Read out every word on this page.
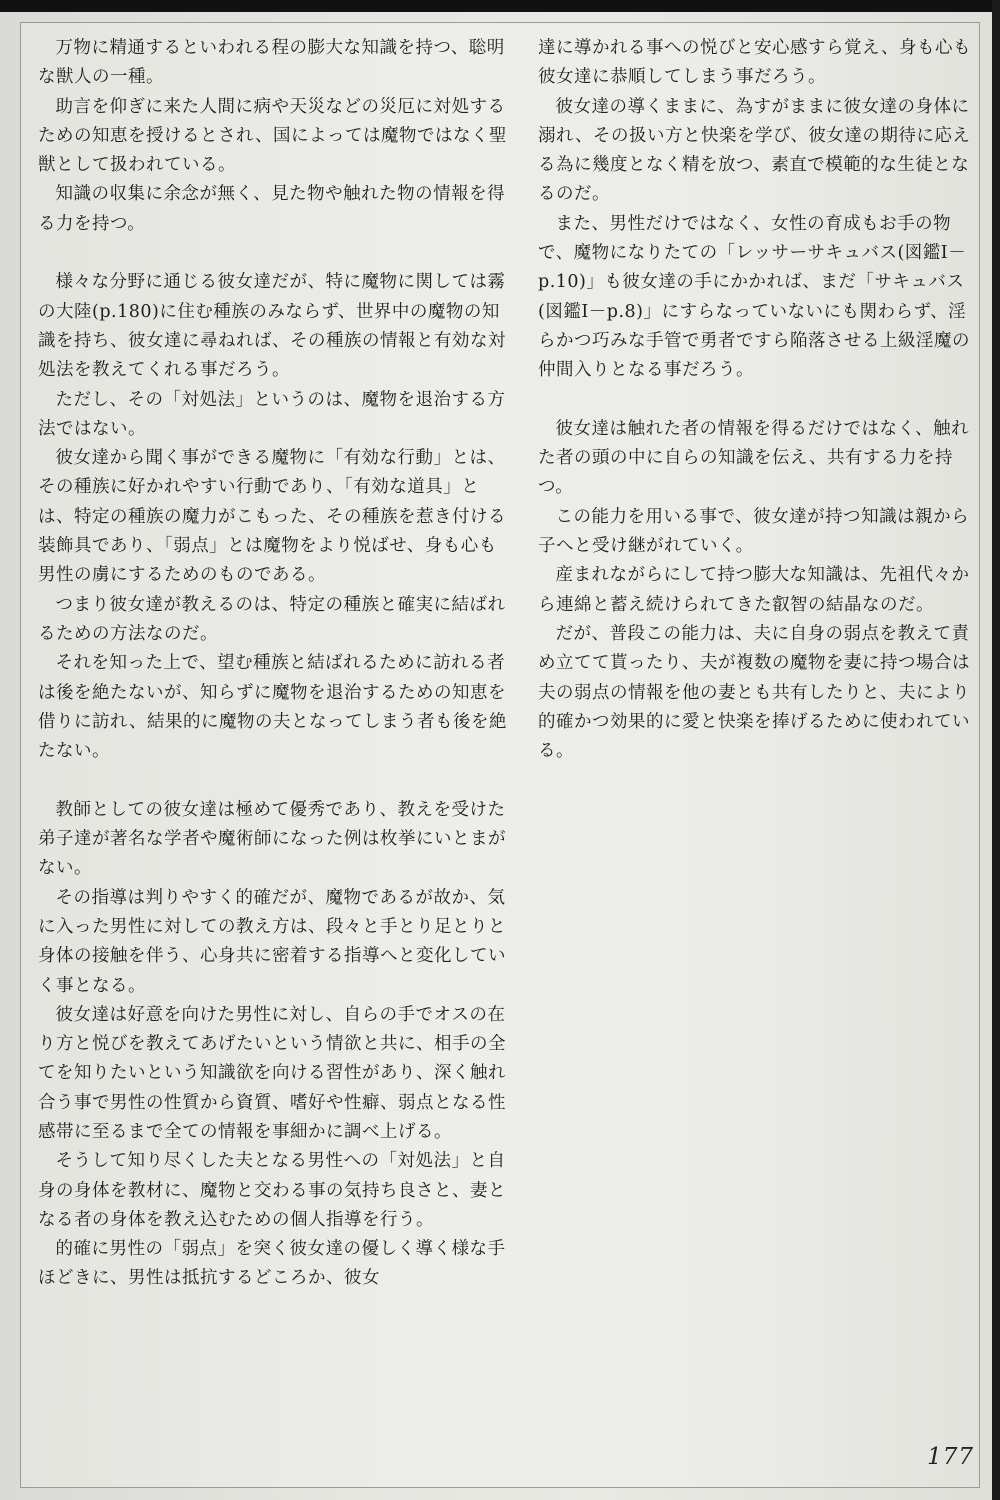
万物に精通するといわれる程の膨大な知識を持つ、聡明な獣人の一種。

助言を仰ぎに来た人間に病や天災などの災厄に対処するための知恵を授けるとされ、国によっては魔物ではなく聖獣として扱われている。

知識の収集に余念が無く、見た物や触れた物の情報を得る力を持つ。

様々な分野に通じる彼女達だが、特に魔物に関しては霧の大陸(p.180)に住む種族のみならず、世界中の魔物の知識を持ち、彼女達に尋ねれば、その種族の情報と有効な対処法を教えてくれる事だろう。

ただし、その「対処法」というのは、魔物を退治する方法ではない。

彼女達から聞く事ができる魔物に「有効な行動」とは、その種族に好かれやすい行動であり、「有効な道具」とは、特定の種族の魔力がこもった、その種族を惹き付ける装飾具であり、「弱点」とは魔物をより悦ばせ、身も心も男性の虜にするためのものである。

つまり彼女達が教えるのは、特定の種族と確実に結ばれるための方法なのだ。

それを知った上で、望む種族と結ばれるために訪れる者は後を絶たないが、知らずに魔物を退治するための知恵を借りに訪れ、結果的に魔物の夫となってしまう者も後を絶たない。

教師としての彼女達は極めて優秀であり、教えを受けた弟子達が著名な学者や魔術師になった例は枚挙にいとまがない。

その指導は判りやすく的確だが、魔物であるが故か、気に入った男性に対しての教え方は、段々と手とり足とりと身体の接触を伴う、心身共に密着する指導へと変化していく事となる。

彼女達は好意を向けた男性に対し、自らの手でオスの在り方と悦びを教えてあげたいという情欲と共に、相手の全てを知りたいという知識欲を向ける習性があり、深く触れ合う事で男性の性質から資質、嗜好や性癖、弱点となる性感帯に至るまで全ての情報を事細かに調べ上げる。

そうして知り尽くした夫となる男性への「対処法」と自身の身体を教材に、魔物と交わる事の気持ち良さと、妻となる者の身体を教え込むための個人指導を行う。

的確に男性の「弱点」を突く彼女達の優しく導く様な手ほどきに、男性は抵抗するどころか、彼女

達に導かれる事への悦びと安心感すら覚え、身も心も彼女達に恭順してしまう事だろう。

彼女達の導くままに、為すがままに彼女達の身体に溺れ、その扱い方と快楽を学び、彼女達の期待に応える為に幾度となく精を放つ、素直で模範的な生徒となるのだ。

また、男性だけではなく、女性の育成もお手の物で、魔物になりたての「レッサーサキュバス(図鑑Ⅰ－p.10)」も彼女達の手にかかれば、まだ「サキュバス(図鑑Ⅰ－p.8)」にすらなっていないにも関わらず、淫らかつ巧みな手管で勇者ですら陥落させる上級淫魔の仲間入りとなる事だろう。

彼女達は触れた者の情報を得るだけではなく、触れた者の頭の中に自らの知識を伝え、共有する力を持つ。

この能力を用いる事で、彼女達が持つ知識は親から子へと受け継がれていく。

産まれながらにして持つ膨大な知識は、先祖代々から連綿と蓄え続けられてきた叡智の結晶なのだ。

だが、普段この能力は、夫に自身の弱点を教えて責め立てて貰ったり、夫が複数の魔物を妻に持つ場合は夫の弱点の情報を他の妻とも共有したりと、夫により的確かつ効果的に愛と快楽を捧げるために使われている。

177
